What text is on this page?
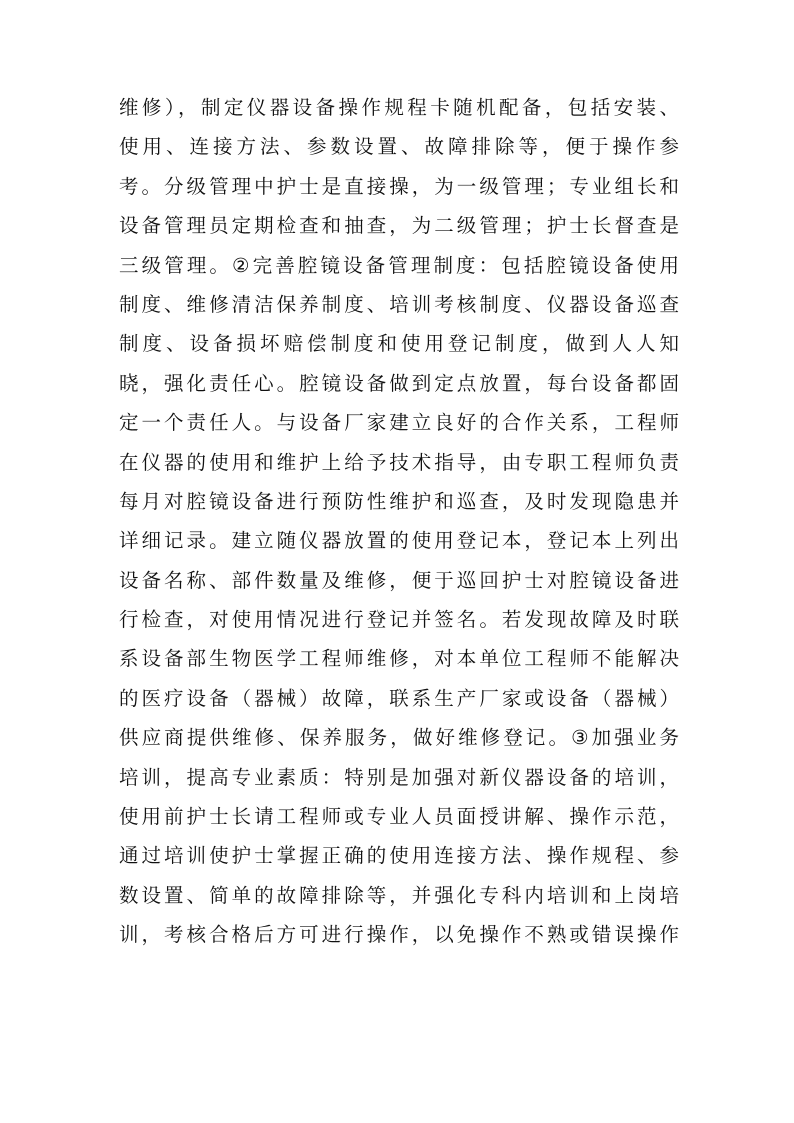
维修），制定仪器设备操作规程卡随机配备，包括安装、
使用、连接方法、参数设置、故障排除等，便于操作参
考。分级管理中护士是直接操，为一级管理；专业组长和
设备管理员定期检查和抽查，为二级管理；护士长督查是
三级管理。②完善腔镜设备管理制度：包括腔镜设备使用
制度、维修清洁保养制度、培训考核制度、仪器设备巡查
制度、设备损坏赔偿制度和使用登记制度，做到人人知
晓，强化责任心。腔镜设备做到定点放置，每台设备都固
定一个责任人。与设备厂家建立良好的合作关系，工程师
在仪器的使用和维护上给予技术指导，由专职工程师负责
每月对腔镜设备进行预防性维护和巡查，及时发现隐患并
详细记录。建立随仪器放置的使用登记本，登记本上列出
设备名称、部件数量及维修，便于巡回护士对腔镜设备进
行检查，对使用情况进行登记并签名。若发现故障及时联
系设备部生物医学工程师维修，对本单位工程师不能解决
的医疗设备（器械）故障，联系生产厂家或设备（器械）
供应商提供维修、保养服务，做好维修登记。③加强业务
培训，提高专业素质：特别是加强对新仪器设备的培训，
使用前护士长请工程师或专业人员面授讲解、操作示范，
通过培训使护士掌握正确的使用连接方法、操作规程、参
数设置、简单的故障排除等，并强化专科内培训和上岗培
训，考核合格后方可进行操作，以免操作不熟或错误操作
